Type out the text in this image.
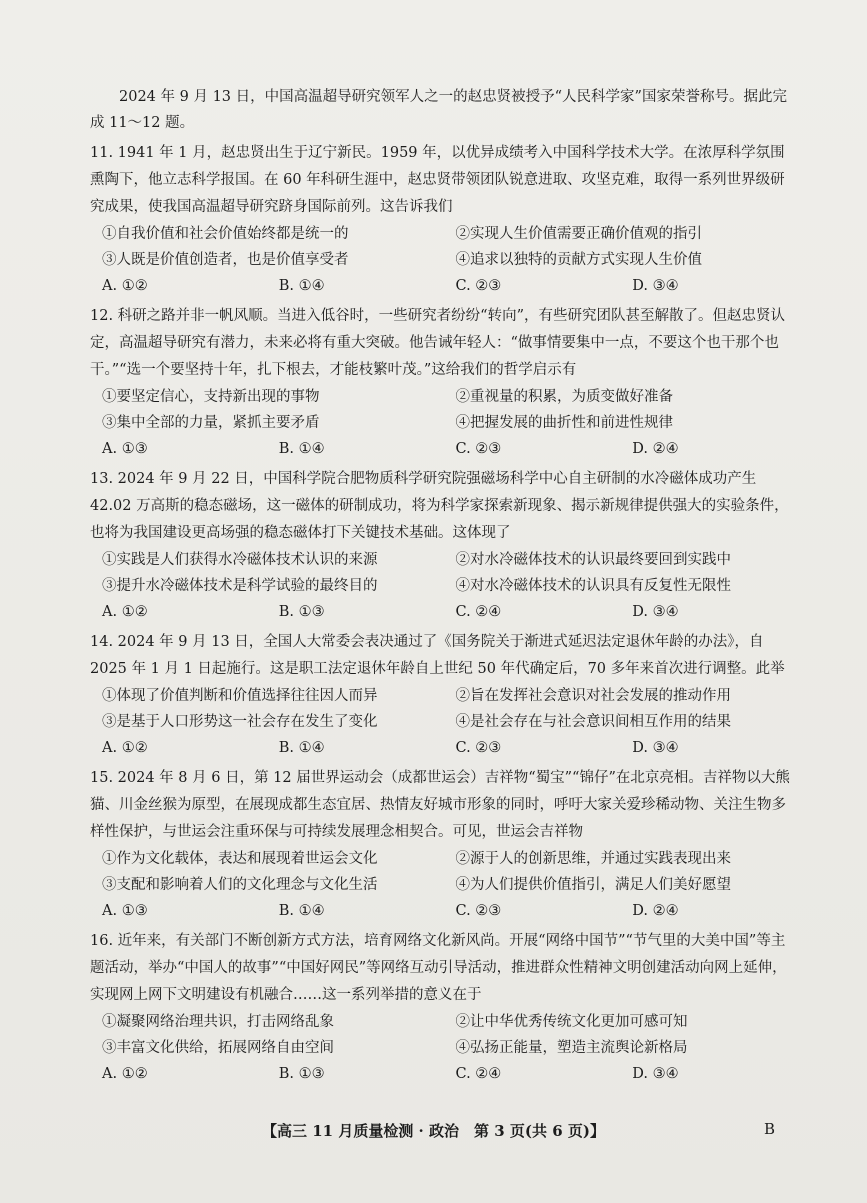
2024 年 9 月 13 日，中国高温超导研究领军人之一的赵忠贤被授予“人民科学家”国家荣誉称号。据此完成 11～12 题。
11. 1941 年 1 月，赵忠贤出生于辽宁新民。1959 年，以优异成绩考入中国科学技术大学。在浓厚科学氛围熏陶下，他立志科学报国。在 60 年科研生涯中，赵忠贤带领团队锐意进取、攻坚克难，取得一系列世界级研究成果，使我国高温超导研究跻身国际前列。这告诉我们
①自我价值和社会价值始终都是统一的	②实现人生价值需要正确价值观的指引
③人既是价值创造者，也是价值享受者	④追求以独特的贡献方式实现人生价值
A. ①②	B. ①④	C. ②③	D. ③④
12. 科研之路并非一帆风顺。当进入低谷时，一些研究者纷纷“转向”，有些研究团队甚至解散了。但赵忠贤认定，高温超导研究有潜力，未来必将有重大突破。他告诫年轻人：“做事情要集中一点，不要这个也干那个也干。”“选一个要坚持十年，扎下根去，才能枝繁叶茂。”这给我们的哲学启示有
①要坚定信心，支持新出现的事物	②重视量的积累，为质变做好准备
③集中全部的力量，紧抓主要矛盾	④把握发展的曲折性和前进性规律
A. ①③	B. ①④	C. ②③	D. ②④
13. 2024 年 9 月 22 日，中国科学院合肥物质科学研究院强磁场科学中心自主研制的水冷磁体成功产生 42.02 万高斯的稳态磁场，这一磁体的研制成功，将为科学家探索新现象、揭示新规律提供强大的实验条件，也将为我国建设更高场强的稳态磁体打下关键技术基础。这体现了
①实践是人们获得水冷磁体技术认识的来源	②对水冷磁体技术的认识最终要回到实践中
③提升水冷磁体技术是科学试验的最终目的	④对水冷磁体技术的认识具有反复性无限性
A. ①②	B. ①③	C. ②④	D. ③④
14. 2024 年 9 月 13 日，全国人大常委会表决通过了《国务院关于渐进式延迟法定退休年龄的办法》，自 2025 年 1 月 1 日起施行。这是职工法定退休年龄自上世纪 50 年代确定后，70 多年来首次进行调整。此举
①体现了价值判断和价值选择往往因人而异	②旨在发挥社会意识对社会发展的推动作用
③是基于人口形势这一社会存在发生了变化	④是社会存在与社会意识间相互作用的结果
A. ①②	B. ①④	C. ②③	D. ③④
15. 2024 年 8 月 6 日，第 12 届世界运动会（成都世运会）吉祥物“蜀宝”“锦仔”在北京亮相。吉祥物以大熊猫、川金丝猴为原型，在展现成都生态宜居、热情友好城市形象的同时，呼吁大家关爱珍稀动物、关注生物多样性保护，与世运会注重环保与可持续发展理念相契合。可见，世运会吉祥物
①作为文化载体，表达和展现着世运会文化	②源于人的创新思维，并通过实践表现出来
③支配和影响着人们的文化理念与文化生活	④为人们提供价值指引，满足人们美好愿望
A. ①③	B. ①④	C. ②③	D. ②④
16. 近年来，有关部门不断创新方式方法，培育网络文化新风尚。开展“网络中国节”“节气里的大美中国”等主题活动，举办“中国人的故事”“中国好网民”等网络互动引导活动，推进群众性精神文明创建活动向网上延伸，实现网上网下文明建设有机融合……这一系列举措的意义在于
①凝聚网络治理共识，打击网络乱象	②让中华优秀传统文化更加可感可知
③丰富文化供给，拓展网络自由空间	④弘扬正能量，塑造主流舆论新格局
A. ①②	B. ①③	C. ②④	D. ③④
【高三 11 月质量检测 · 政治　第 3 页(共 6 页)】	B
